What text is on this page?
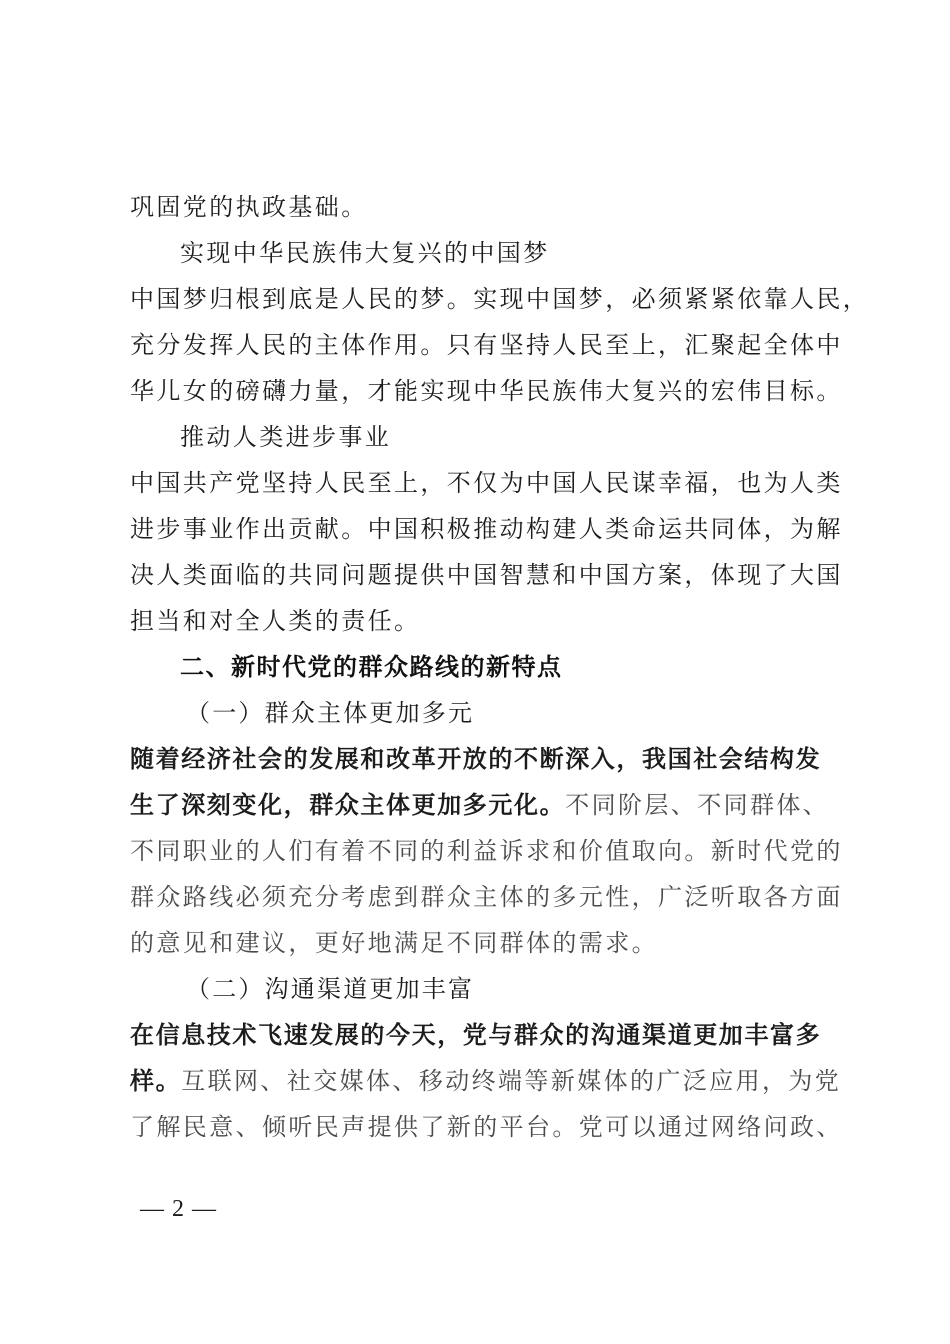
巩固党的执政基础。
实现中华民族伟大复兴的中国梦
中国梦归根到底是人民的梦。实现中国梦，必须紧紧依靠人民，
充分发挥人民的主体作用。只有坚持人民至上，汇聚起全体中
华儿女的磅礴力量，才能实现中华民族伟大复兴的宏伟目标。
推动人类进步事业
中国共产党坚持人民至上，不仅为中国人民谋幸福，也为人类
进步事业作出贡献。中国积极推动构建人类命运共同体，为解
决人类面临的共同问题提供中国智慧和中国方案，体现了大国
担当和对全人类的责任。
二、新时代党的群众路线的新特点
（一）群众主体更加多元
随着经济社会的发展和改革开放的不断深入，我国社会结构发
生了深刻变化，群众主体更加多元化。不同阶层、不同群体、
不同职业的人们有着不同的利益诉求和价值取向。新时代党的
群众路线必须充分考虑到群众主体的多元性，广泛听取各方面
的意见和建议，更好地满足不同群体的需求。
（二）沟通渠道更加丰富
在信息技术飞速发展的今天，党与群众的沟通渠道更加丰富多
样。互联网、社交媒体、移动终端等新媒体的广泛应用，为党
了解民意、倾听民声提供了新的平台。党可以通过网络问政、
— 2 —
